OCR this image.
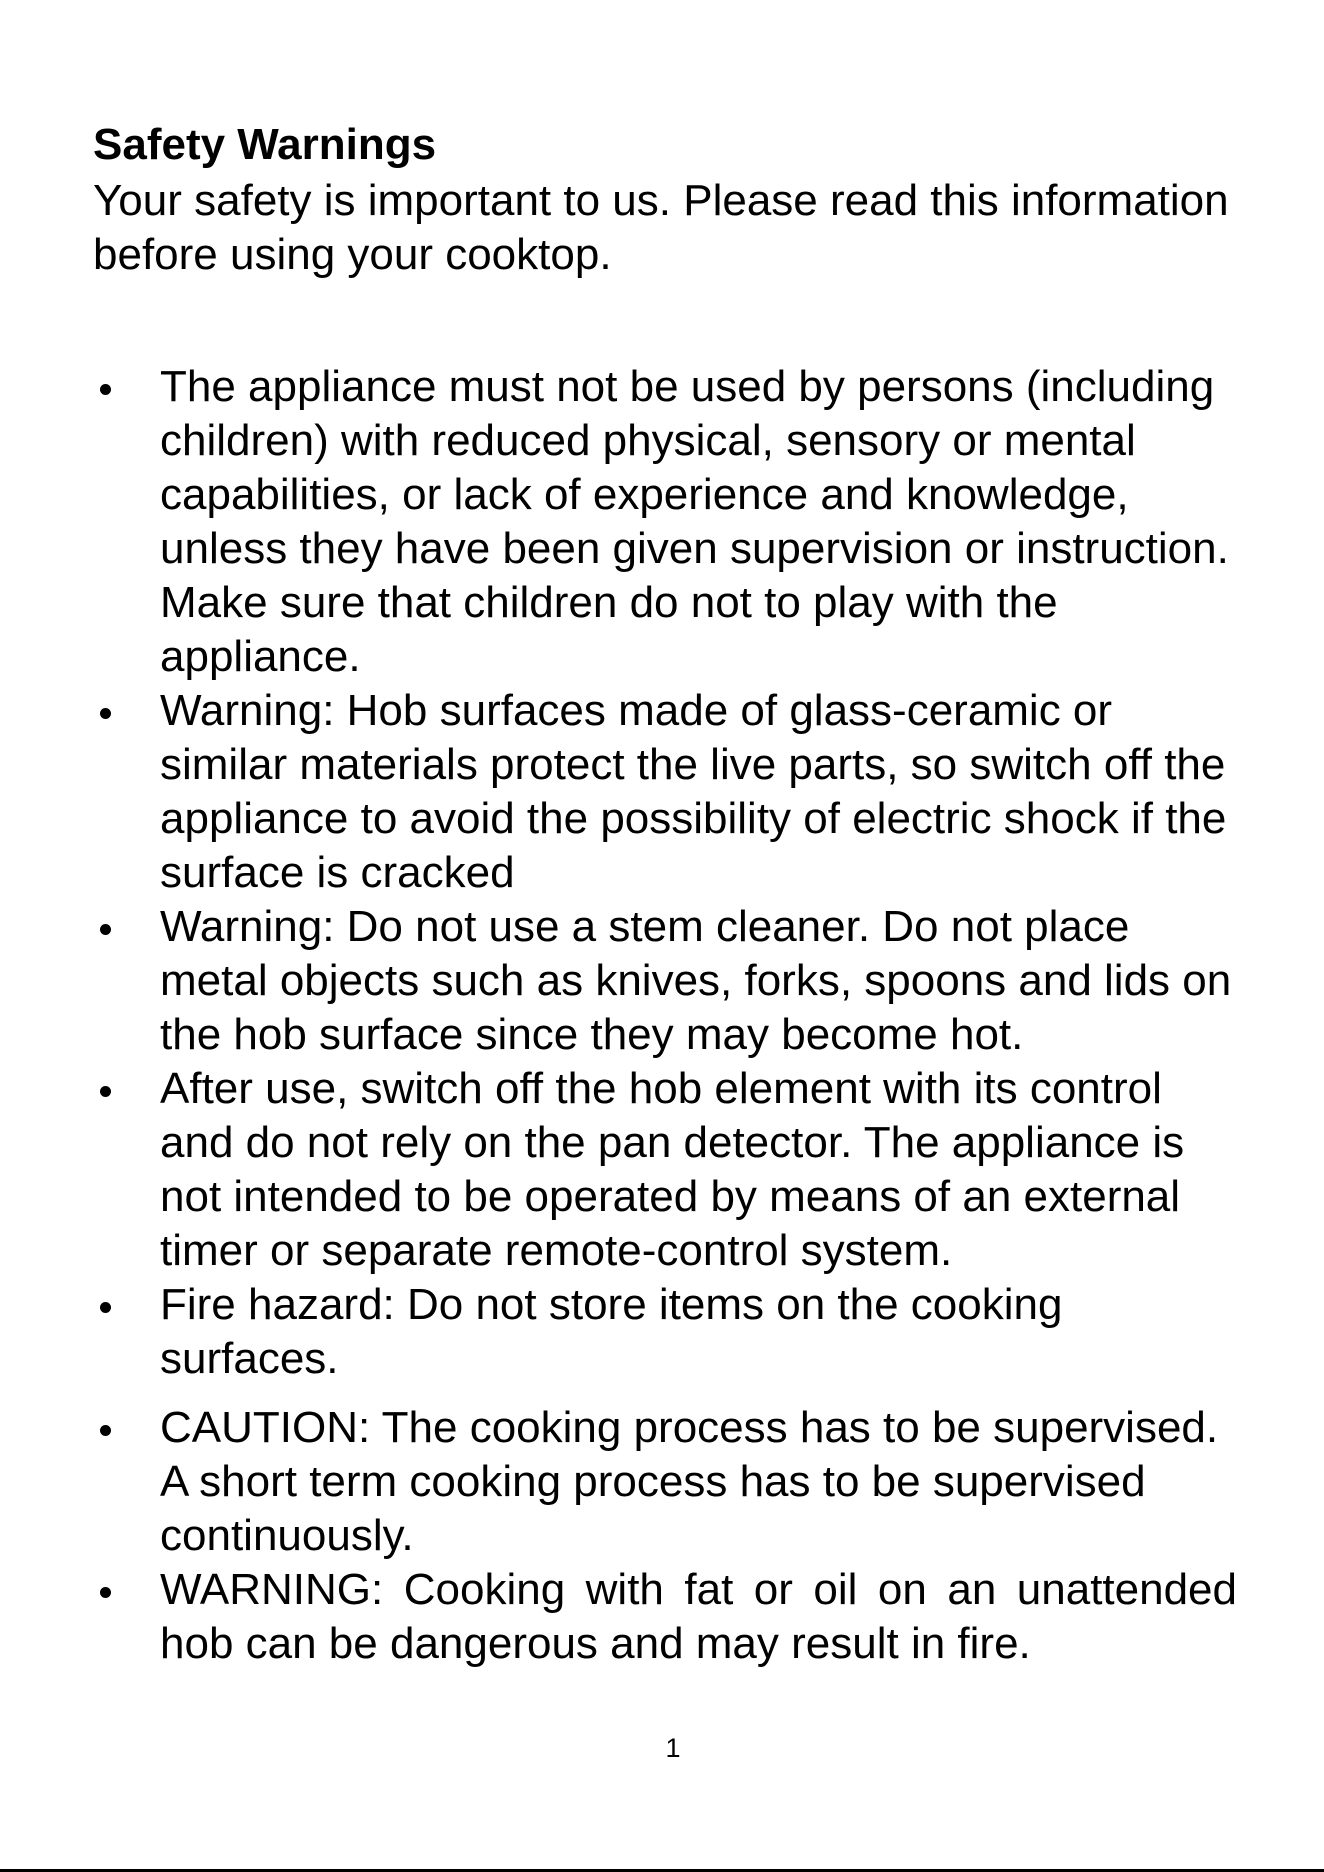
Safety Warnings

Your safety is important to us. Please read this information before using your cooktop.

The appliance must not be used by persons (including children) with reduced physical, sensory or mental capabilities, or lack of experience and knowledge, unless they have been given supervision or instruction. Make sure that children do not to play with the appliance.
Warning: Hob surfaces made of glass-ceramic or similar materials protect the live parts, so switch off the appliance to avoid the possibility of electric shock if the surface is cracked
Warning: Do not use a stem cleaner. Do not place metal objects such as knives, forks, spoons and lids on the hob surface since they may become hot.
After use, switch off the hob element with its control and do not rely on the pan detector. The appliance is not intended to be operated by means of an external timer or separate remote-control system.
Fire hazard: Do not store items on the cooking surfaces.
CAUTION: The cooking process has to be supervised. A short term cooking process has to be supervised continuously.
WARNING: Cooking with fat or oil on an unattended hob can be dangerous and may result in fire.
1
